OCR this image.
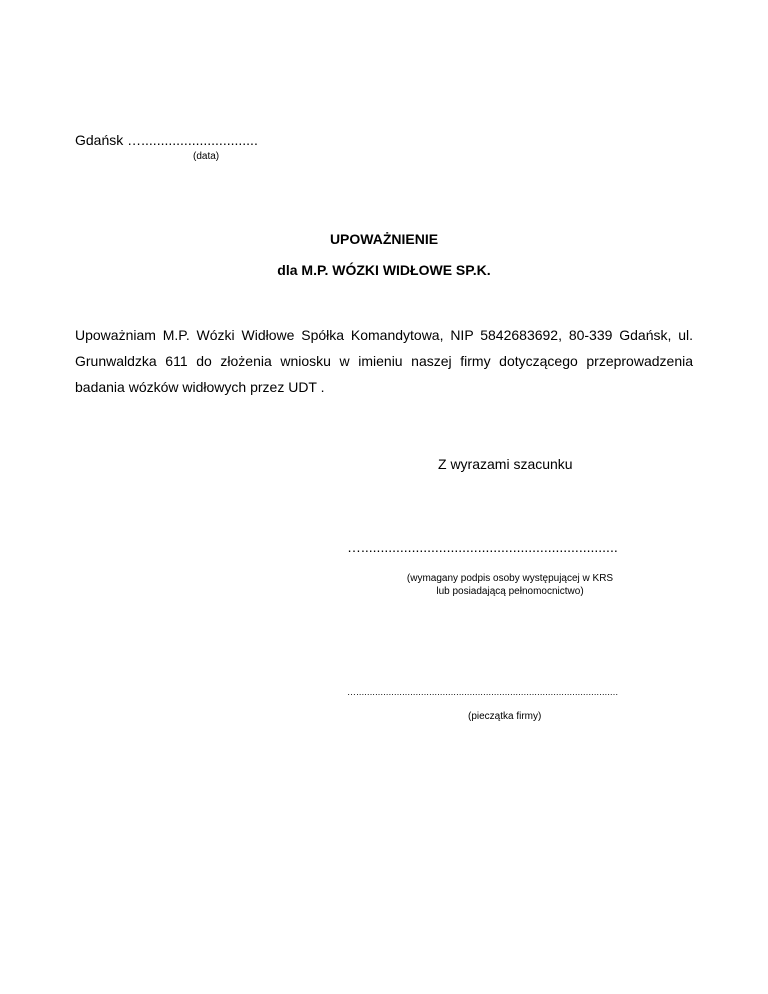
Gdańsk …..............................
(data)
UPOWAŻNIENIE
dla M.P. WÓZKI WIDŁOWE SP.K.
Upoważniam M.P. Wózki Widłowe Spółka Komandytowa, NIP 5842683692, 80-339 Gdańsk, ul. Grunwaldzka 611 do złożenia wniosku w imieniu naszej firmy dotyczącego przeprowadzenia badania wózków widłowych przez UDT .
Z wyrazami szacunku
…..................................................................
(wymagany podpis osoby występującej w KRS
lub posiadającą pełnomocnictwo)
….................................................................................................
(pieczątka firmy)
